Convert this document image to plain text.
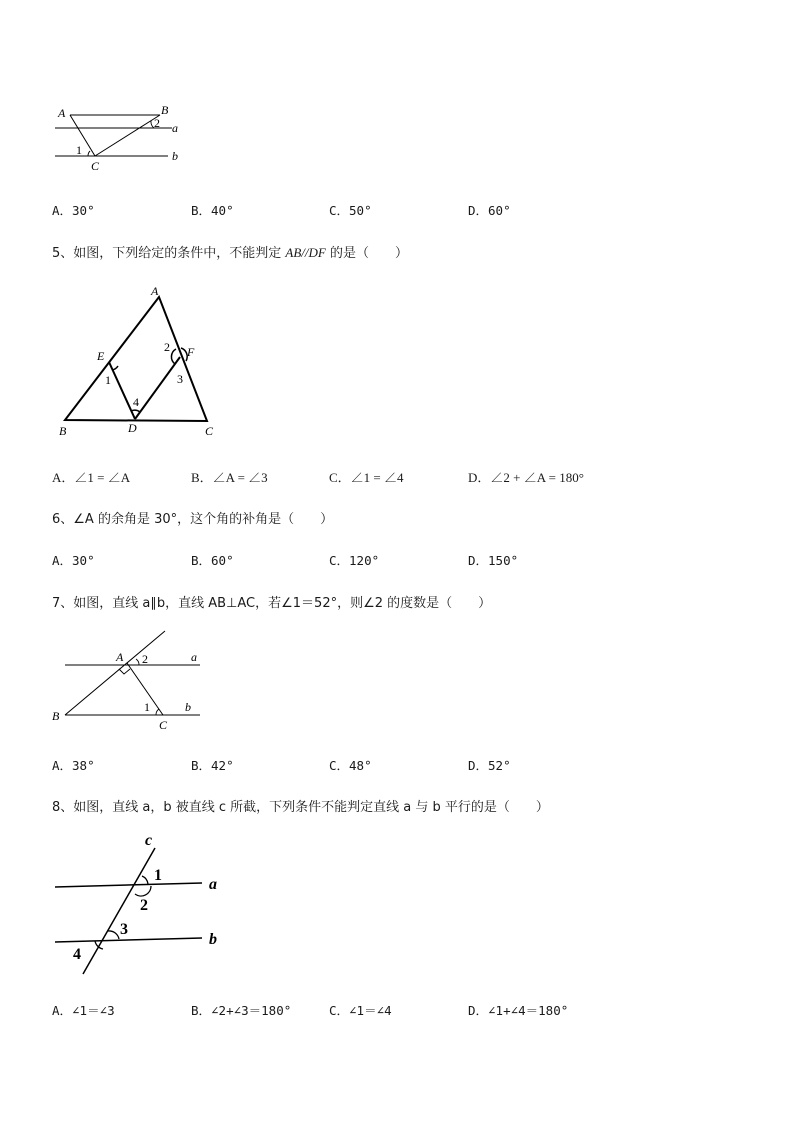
A	B
C
a
b
1
2
A．30°	B．40°	C．50°	D．60°
5、如图，下列给定的条件中，不能判定 AB//DF 的是（　　）
A
B	C
D
E	F
1
2
3
4
A．∠1 = ∠A	B．∠A = ∠3	C．∠1 = ∠4	D．∠2 + ∠A = 180°
6、∠A 的余角是 30°，这个角的补角是（　　）
A．30°	B．60°	C．120°	D．150°
7、如图，直线 a∥b，直线 AB⊥AC，若∠1＝52°，则∠2 的度数是（　　）
A
B
C
a
b
2
1
A．38°	B．42°	C．48°	D．52°
8、如图，直线 a，b 被直线 c 所截，下列条件不能判定直线 a 与 b 平行的是（　　）
c
a
b
1
2
3
4
A．∠1＝∠3	B．∠2+∠3＝180°	C．∠1＝∠4	D．∠1+∠4＝180°
